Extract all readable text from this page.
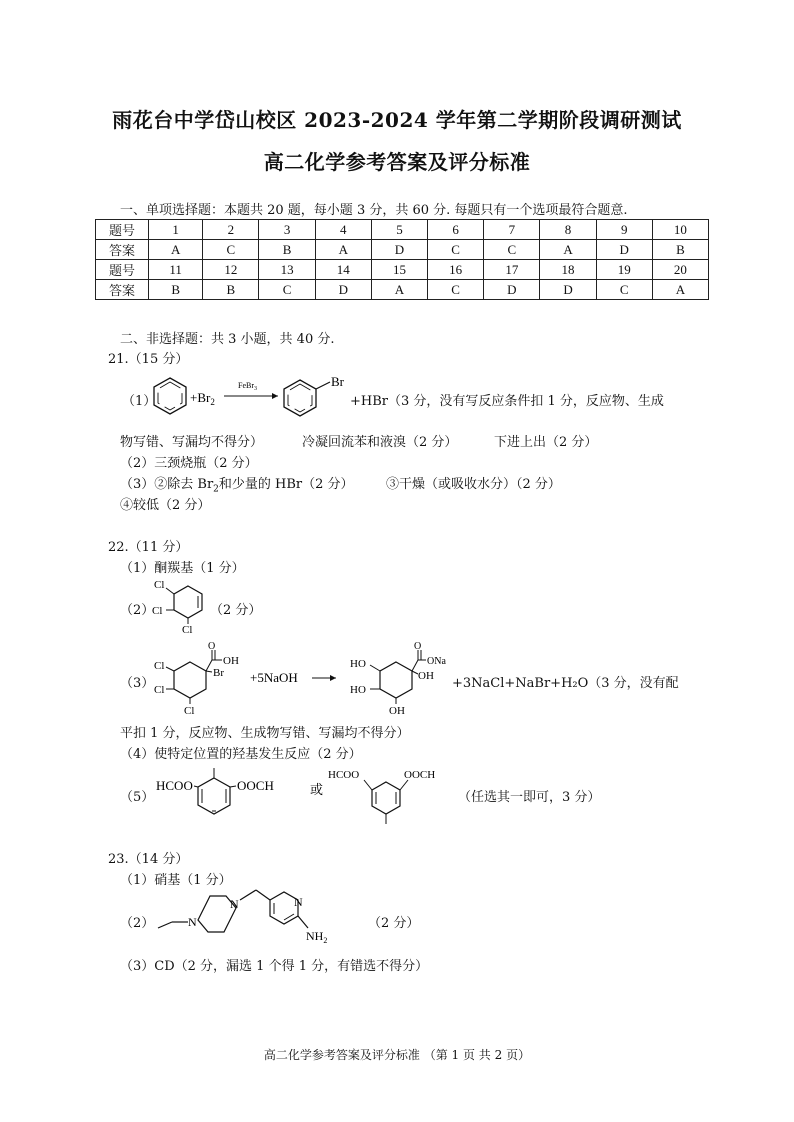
雨花台中学岱山校区 2023-2024 学年第二学期阶段调研测试
高二化学参考答案及评分标准
一、单项选择题：本题共 20 题，每小题 3 分，共 60 分. 每题只有一个选项最符合题意.
题号	1	2	3	4	5	6	7	8	9	10
答案	A	C	B	A	D	C	C	A	D	B
题号	11	12	13	14	15	16	17	18	19	20
答案	B	B	C	D	A	C	D	D	C	A
二、非选择题：共 3 小题，共 40 分.
21.（15 分）
（1）	$+Br_2$
FeBr$_3$	Br
+HBr（3 分，没有写反应条件扣 1 分，反应物、生成
物写错、写漏均不得分）	冷凝回流苯和液溴（2 分）	下进上出（2 分）
（2）三颈烧瓶（2 分）
（3）②除去 $Br_2$和少量的 HBr（2 分） ③干燥（或吸收水分）（2 分）
④较低（2 分）
22.（11 分）
（1）酮羰基（1 分）
（2）
Cl
Cl
Cl
（2 分）
（3）
Cl
Cl
Cl
O
OH
Br +5NaOH
HO
HO
OH
O
ONa
OH +3NaCl+NaBr+H₂O（3 分，没有配
平扣 1 分，反应物、生成物写错、写漏均不得分）
（4）使特定位置的羟基发生反应（2 分）
（5）
HCOO	OOCH	或
HCOO	OOCH
（任选其一即可，3 分）
23.（14 分）
（1）硝基（1 分）
（2）	N
N	N
$NH_2$
（2 分）
（3）CD（2 分，漏选 1 个得 1 分，有错选不得分）
高二化学参考答案及评分标准 （第 1 页 共 2 页）
